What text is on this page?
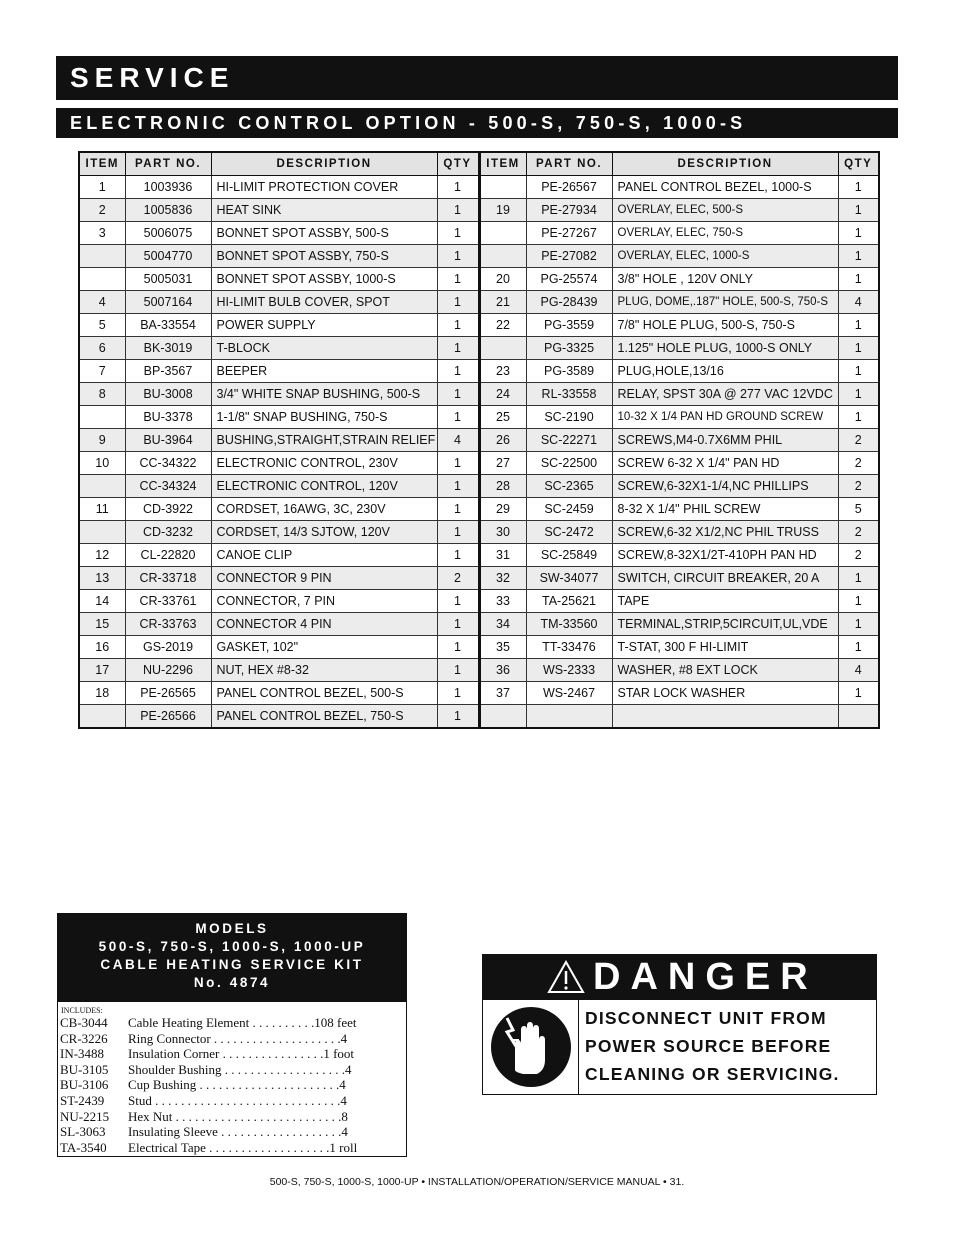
SERVICE
ELECTRONIC CONTROL OPTION - 500-S, 750-S, 1000-S
ITEM	PART NO.	DESCRIPTION	QTY	ITEM	PART NO.	DESCRIPTION	QTY
1	1003936	HI-LIMIT PROTECTION COVER	1		PE-26567	PANEL CONTROL BEZEL, 1000-S	1
2	1005836	HEAT SINK	1	19	PE-27934	OVERLAY, ELEC, 500-S	1
3	5006075	BONNET SPOT ASSBY, 500-S	1		PE-27267	OVERLAY, ELEC, 750-S	1
	5004770	BONNET SPOT ASSBY, 750-S	1		PE-27082	OVERLAY, ELEC, 1000-S	1
	5005031	BONNET SPOT ASSBY, 1000-S	1	20	PG-25574	3/8" HOLE , 120V ONLY	1
4	5007164	HI-LIMIT BULB COVER, SPOT	1	21	PG-28439	PLUG, DOME,.187" HOLE, 500-S, 750-S	4
5	BA-33554	POWER SUPPLY	1	22	PG-3559	7/8" HOLE PLUG, 500-S, 750-S	1
6	BK-3019	T-BLOCK	1		PG-3325	1.125" HOLE PLUG, 1000-S ONLY	1
7	BP-3567	BEEPER	1	23	PG-3589	PLUG,HOLE,13/16	1
8	BU-3008	3/4" WHITE SNAP BUSHING, 500-S	1	24	RL-33558	RELAY, SPST 30A @ 277 VAC 12VDC	1
	BU-3378	1-1/8" SNAP BUSHING, 750-S	1	25	SC-2190	10-32 X 1/4 PAN HD GROUND SCREW	1
9	BU-3964	BUSHING,STRAIGHT,STRAIN RELIEF	4	26	SC-22271	SCREWS,M4-0.7X6MM PHIL	2
10	CC-34322	ELECTRONIC CONTROL, 230V	1	27	SC-22500	SCREW 6-32 X 1/4" PAN HD	2
	CC-34324	ELECTRONIC CONTROL, 120V	1	28	SC-2365	SCREW,6-32X1-1/4,NC PHILLIPS	2
11	CD-3922	CORDSET, 16AWG, 3C, 230V	1	29	SC-2459	8-32 X 1/4" PHIL SCREW	5
	CD-3232	CORDSET, 14/3 SJTOW, 120V	1	30	SC-2472	SCREW,6-32 X1/2,NC PHIL TRUSS	2
12	CL-22820	CANOE CLIP	1	31	SC-25849	SCREW,8-32X1/2T-410PH PAN HD	2
13	CR-33718	CONNECTOR 9 PIN	2	32	SW-34077	SWITCH, CIRCUIT BREAKER, 20 A	1
14	CR-33761	CONNECTOR, 7 PIN	1	33	TA-25621	TAPE	1
15	CR-33763	CONNECTOR 4 PIN	1	34	TM-33560	TERMINAL,STRIP,5CIRCUIT,UL,VDE	1
16	GS-2019	GASKET, 102"	1	35	TT-33476	T-STAT, 300 F HI-LIMIT	1
17	NU-2296	NUT, HEX #8-32	1	36	WS-2333	WASHER, #8 EXT LOCK	4
18	PE-26565	PANEL CONTROL BEZEL, 500-S	1	37	WS-2467	STAR LOCK WASHER	1
	PE-26566	PANEL CONTROL BEZEL, 750-S	1				
MODELS
500-S, 750-S, 1000-S, 1000-UP
CABLE HEATING SERVICE KIT
No. 4874
INCLUDES:
CB-3044	Cable Heating Element . . . . . . . . . .108 feet
CR-3226	Ring Connector . . . . . . . . . . . . . . . . . . . .4
IN-3488	Insulation Corner . . . . . . . . . . . . . . . .1 foot
BU-3105	Shoulder Bushing . . . . . . . . . . . . . . . . . . .4
BU-3106	Cup Bushing . . . . . . . . . . . . . . . . . . . . . .4
ST-2439	Stud . . . . . . . . . . . . . . . . . . . . . . . . . . . . .4
NU-2215	Hex Nut . . . . . . . . . . . . . . . . . . . . . . . . . .8
SL-3063	Insulating Sleeve . . . . . . . . . . . . . . . . . . .4
TA-3540	Electrical Tape . . . . . . . . . . . . . . . . . . .1 roll
DANGER
DISCONNECT UNIT FROM
POWER SOURCE BEFORE
CLEANING OR SERVICING.
500-S, 750-S, 1000-S, 1000-UP • INSTALLATION/OPERATION/SERVICE MANUAL • 31.
